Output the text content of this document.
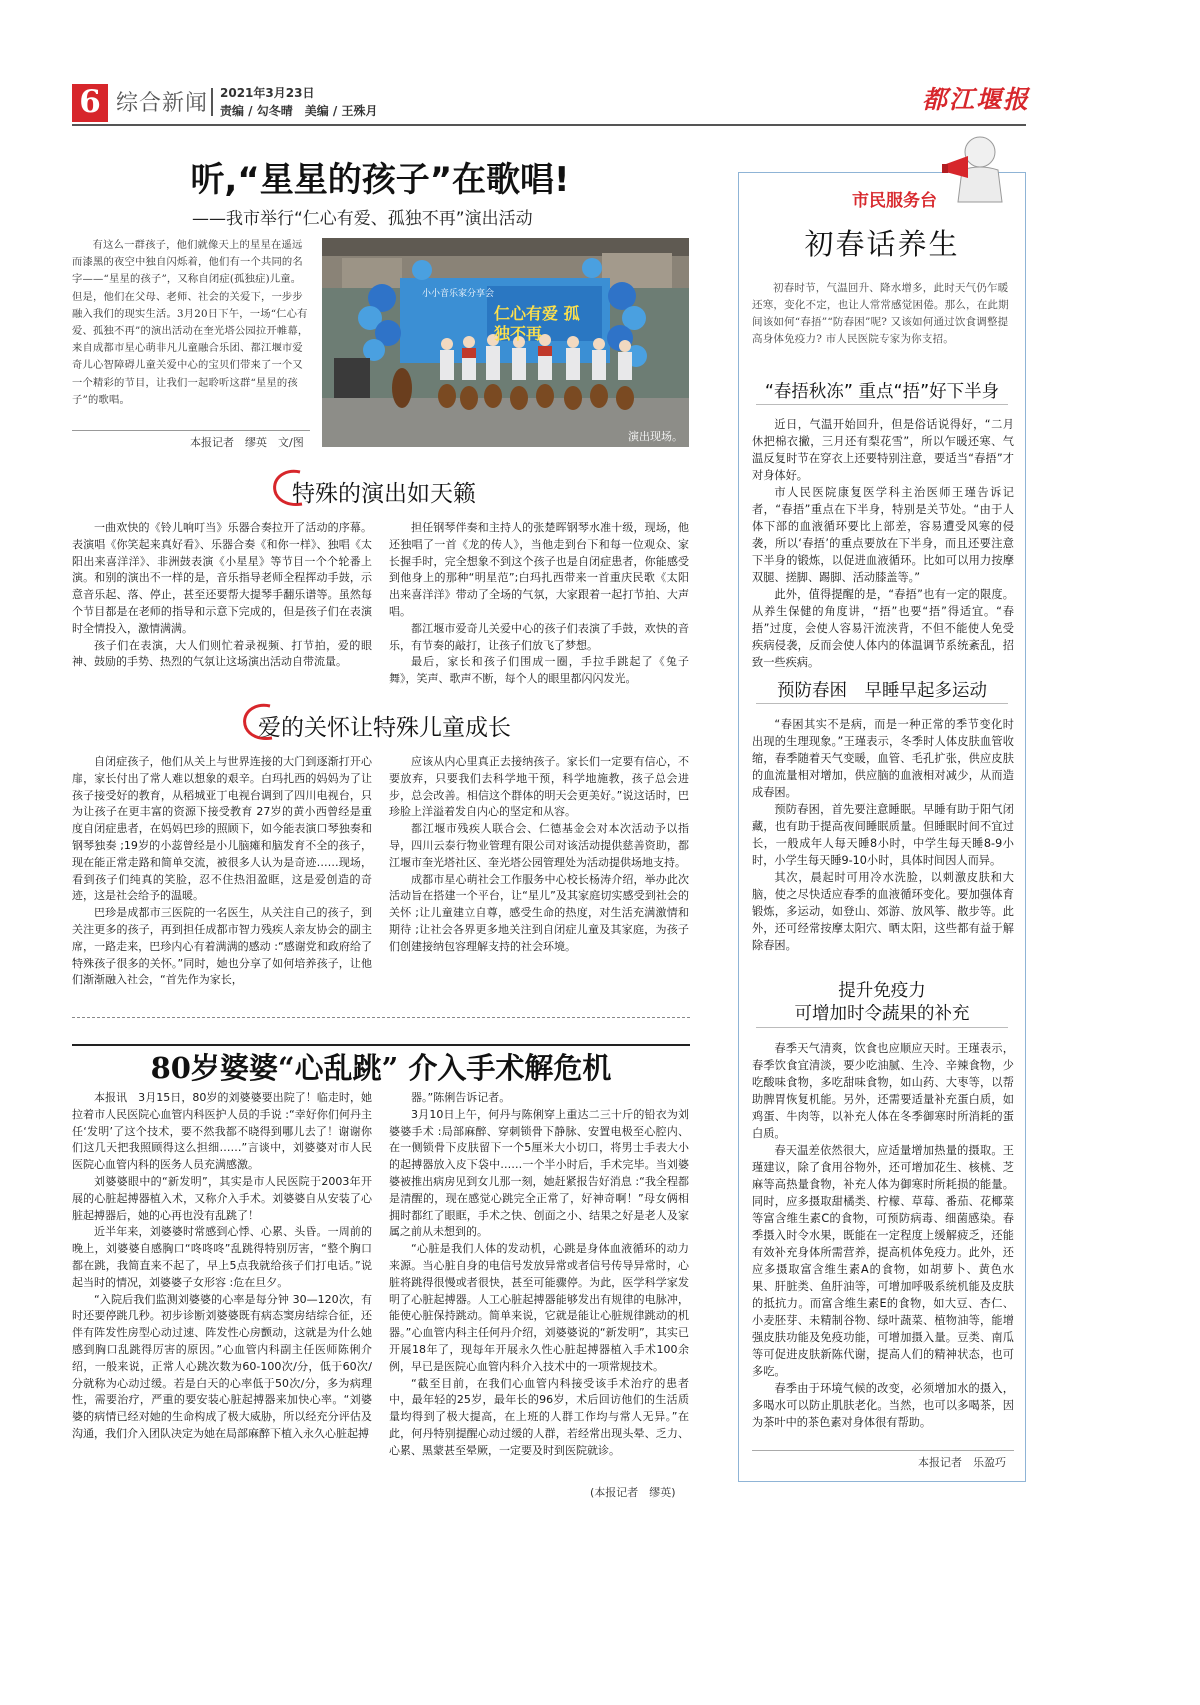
6 综合新闻 2021年3月23日
责编 / 勾冬晴　美编 / 王殊月	都江堰报
听,“星星的孩子”在歌唱!
——我市举行“仁心有爱、孤独不再”演出活动
有这么一群孩子，他们就像天上的星星在遥远而漆黑的夜空中独自闪烁着，他们有一个共同的名字——“星星的孩子”，又称自闭症(孤独症)儿童。但是，他们在父母、老师、社会的关爱下，一步步融入我们的现实生活。3月20日下午，一场“仁心有爱、孤独不再”的演出活动在奎光塔公园拉开帷幕，来自成都市星心萌非凡儿童融合乐团、都江堰市爱奇儿心智障碍儿童关爱中心的宝贝们带来了一个又一个精彩的节目，让我们一起聆听这群“星星的孩子”的歌唱。
本报记者　缪英　文/图
小小音乐家分享会
仁心有爱 孤独不再
演出现场。
特殊的演出如天籁

一曲欢快的《铃儿响叮当》乐器合奏拉开了活动的序幕。表演唱《你笑起来真好看》、乐器合奏《和你一样》、独唱《太阳出来喜洋洋》、非洲鼓表演《小星星》等节目一个个轮番上演。和别的演出不一样的是，音乐指导老师全程挥动手鼓，示意音乐起、落、停止，甚至还要帮大提琴手翻乐谱等。虽然每个节目都是在老师的指导和示意下完成的，但是孩子们在表演时全情投入，激情满满。

孩子们在表演，大人们则忙着录视频、打节拍，爱的眼神、鼓励的手势、热烈的气氛让这场演出活动自带流量。

担任钢琴伴奏和主持人的张楚晖钢琴水准十级，现场，他还独唱了一首《龙的传人》，当他走到台下和每一位观众、家长握手时，完全想象不到这个孩子也是自闭症患者，你能感受到他身上的那种“明星范”;白玛扎西带来一首重庆民歌《太阳出来喜洋洋》带动了全场的气氛，大家跟着一起打节拍、大声唱。

都江堰市爱奇儿关爱中心的孩子们表演了手鼓，欢快的音乐，有节奏的敲打，让孩子们放飞了梦想。

最后，家长和孩子们围成一圈，手拉手跳起了《兔子舞》，笑声、歌声不断，每个人的眼里都闪闪发光。

爱的关怀让特殊儿童成长

自闭症孩子，他们从关上与世界连接的大门到逐渐打开心扉，家长付出了常人难以想象的艰辛。白玛扎西的妈妈为了让孩子接受好的教育，从稻城亚丁电视台调到了四川电视台，只为让孩子在更丰富的资源下接受教育 27岁的黄小西曾经是重度自闭症患者，在妈妈巴珍的照顾下，如今能表演口琴独奏和钢琴独奏 ;19岁的小蕊曾经是小儿脑瘫和脑发育不全的孩子，现在能正常走路和简单交流，被很多人认为是奇迹……现场，看到孩子们纯真的笑脸，忍不住热泪盈眶，这是爱创造的奇迹，这是社会给予的温暖。

巴珍是成都市三医院的一名医生，从关注自己的孩子，到关注更多的孩子，再到担任成都市智力残疾人亲友协会的副主席，一路走来，巴珍内心有着满满的感动 :“感谢党和政府给了特殊孩子很多的关怀。”同时，她也分享了如何培养孩子，让他们渐渐融入社会，“首先作为家长，

应该从内心里真正去接纳孩子。家长们一定要有信心，不要放弃，只要我们去科学地干预，科学地施教，孩子总会进步，总会改善。相信这个群体的明天会更美好。”说这话时，巴珍脸上洋溢着发自内心的坚定和从容。

都江堰市残疾人联合会、仁德基金会对本次活动予以指导，四川云泰行物业管理有限公司对该活动提供慈善资助，都江堰市奎光塔社区、奎光塔公园管理处为活动提供场地支持。

成都市星心萌社会工作服务中心校长杨涛介绍，举办此次活动旨在搭建一个平台，让“星儿”及其家庭切实感受到社会的关怀 ;让儿童建立自尊，感受生命的热度，对生活充满激情和期待 ;让社会各界更多地关注到自闭症儿童及其家庭，为孩子们创建接纳包容理解支持的社会环境。

80岁婆婆“心乱跳” 介入手术解危机

本报讯　3月15日，80岁的刘婆婆要出院了！临走时，她拉着市人民医院心血管内科医护人员的手说 :“幸好你们何丹主任‘发明’了这个技术，要不然我都不晓得到哪儿去了！谢谢你们这几天把我照顾得这么担细……”言谈中，刘婆婆对市人民医院心血管内科的医务人员充满感激。

刘婆婆眼中的“新发明”，其实是市人民医院于2003年开展的心脏起搏器植入术，又称介入手术。刘婆婆自从安装了心脏起搏器后，她的心再也没有乱跳了！

近半年来，刘婆婆时常感到心悸、心累、头昏。一周前的晚上，刘婆婆自感胸口“咚咚咚”乱跳得特别厉害，“整个胸口都在跳，我简直来不起了，早上5点我就给孩子们打电话。”说起当时的情况，刘婆婆子女形容 :危在旦夕。

“入院后我们监测刘婆婆的心率是每分钟 30—120次，有时还要停跳几秒。初步诊断刘婆婆既有病态窦房结综合征，还伴有阵发性房型心动过速、阵发性心房颤动，这就是为什么她感到胸口乱跳得厉害的原因。”心血管内科副主任医师陈俐介绍，一般来说，正常人心跳次数为60-100次/分，低于60次/分就称为心动过缓。若是白天的心率低于50次/分，多为病理性，需要治疗，严重的要安装心脏起搏器来加快心率。“刘婆婆的病情已经对她的生命构成了极大威胁，所以经充分评估及沟通，我们介入团队决定为她在局部麻醉下植入永久心脏起搏

器。”陈俐告诉记者。

3月10日上午，何丹与陈俐穿上重达二三十斤的铅衣为刘婆婆手术 :局部麻醉、穿刺锁骨下静脉、安置电极至心腔内、在一侧锁骨下皮肤留下一个5厘米大小切口，将男士手表大小的起搏器放入皮下袋中……一个半小时后，手术完毕。当刘婆婆被推出病房见到女儿那一刻，她赶紧报告好消息 :“我全程都是清醒的，现在感觉心跳完全正常了，好神奇啊！”母女俩相拥时都红了眼眶，手术之快、创面之小、结果之好是老人及家属之前从未想到的。

“心脏是我们人体的发动机，心跳是身体血液循环的动力来源。当心脏自身的电信号发放异常或者信号传导异常时，心脏将跳得很慢或者很快，甚至可能骤停。为此，医学科学家发明了心脏起搏器。人工心脏起搏器能够发出有规律的电脉冲，能使心脏保持跳动。简单来说，它就是能让心脏规律跳动的机器。”心血管内科主任何丹介绍，刘婆婆说的“新发明”，其实已开展18年了，现每年开展永久性心脏起搏器植入手术100余例，早已是医院心血管内科介入技术中的一项常规技术。

“截至目前，在我们心血管内科接受该手术治疗的患者中，最年轻的25岁，最年长的96岁，术后回访他们的生活质量均得到了极大提高，在上班的人群工作均与常人无异。”在此，何丹特别提醒心动过缓的人群，若经常出现头晕、乏力、心累、黑蒙甚至晕厥，一定要及时到医院就诊。

(本报记者　缪英)
市民服务台
初春话养生
初春时节，气温回升、降水增多，此时天气仍乍暖还寒，变化不定，也让人常常感觉困倦。那么，在此期间该如何“春捂”“防春困”呢? 又该如何通过饮食调整提高身体免疫力? 市人民医院专家为你支招。
“春捂秋冻” 重点“捂”好下半身

近日，气温开始回升，但是俗话说得好，“二月休把棉衣撇，三月还有梨花雪”，所以乍暖还寒、气温反复时节在穿衣上还要特别注意，要适当“春捂”才对身体好。

市人民医院康复医学科主治医师王瑾告诉记者，“春捂”重点在下半身，特别是关节处。“由于人体下部的血液循环要比上部差，容易遭受风寒的侵袭，所以‘春捂’的重点要放在下半身，而且还要注意下半身的锻炼，以促进血液循环。比如可以用力按摩双腿、搓脚、踢脚、活动膝盖等。”

此外，值得提醒的是，“春捂”也有一定的限度。从养生保健的角度讲，“捂”也要“捂”得适宜。“春捂”过度，会使人容易汗流浃背，不但不能使人免受疾病侵袭，反而会使人体内的体温调节系统紊乱，招致一些疾病。

预防春困　早睡早起多运动

“春困其实不是病，而是一种正常的季节变化时出现的生理现象。”王瑾表示，冬季时人体皮肤血管收缩，春季随着天气变暖，血管、毛孔扩张，供应皮肤的血流量相对增加，供应脑的血液相对减少，从而造成春困。

预防春困，首先要注意睡眠。早睡有助于阳气闭藏，也有助于提高夜间睡眠质量。但睡眠时间不宜过长，一般成年人每天睡8小时，中学生每天睡8-9小时，小学生每天睡9-10小时，具体时间因人而异。

其次，晨起时可用冷水洗脸，以刺激皮肤和大脑，使之尽快适应春季的血液循环变化。要加强体育锻炼，多运动，如登山、郊游、放风筝、散步等。此外，还可经常按摩太阳穴、晒太阳，这些都有益于解除春困。

提升免疫力
可增加时令蔬果的补充

春季天气清爽，饮食也应顺应天时。王瑾表示，春季饮食宜清淡，要少吃油腻、生冷、辛辣食物，少吃酸味食物，多吃甜味食物，如山药、大枣等，以帮助脾胃恢复机能。另外，还需要适量补充蛋白质，如鸡蛋、牛肉等，以补充人体在冬季御寒时所消耗的蛋白质。

春天温差依然很大，应适量增加热量的摄取。王瑾建议，除了食用谷物外，还可增加花生、核桃、芝麻等高热量食物，补充人体为御寒时所耗损的能量。同时，应多摄取甜橘类、柠檬、草莓、番茄、花椰菜等富含维生素C的食物，可预防病毒、细菌感染。春季摄入时令水果，既能在一定程度上缓解疲乏，还能有效补充身体所需营养，提高机体免疫力。此外，还应多摄取富含维生素A的食物，如胡萝卜、黄色水果、肝脏类、鱼肝油等，可增加呼吸系统机能及皮肤的抵抗力。而富含维生素E的食物，如大豆、杏仁、小麦胚芽、未精制谷物、绿叶蔬菜、植物油等，能增强皮肤功能及免疫功能，可增加摄入量。豆类、南瓜等可促进皮肤新陈代谢，提高人们的精神状态，也可多吃。

春季由于环境气候的改变，必须增加水的摄入，多喝水可以防止肌肤老化。当然，也可以多喝茶，因为茶叶中的茶色素对身体很有帮助。

本报记者　乐盈巧
